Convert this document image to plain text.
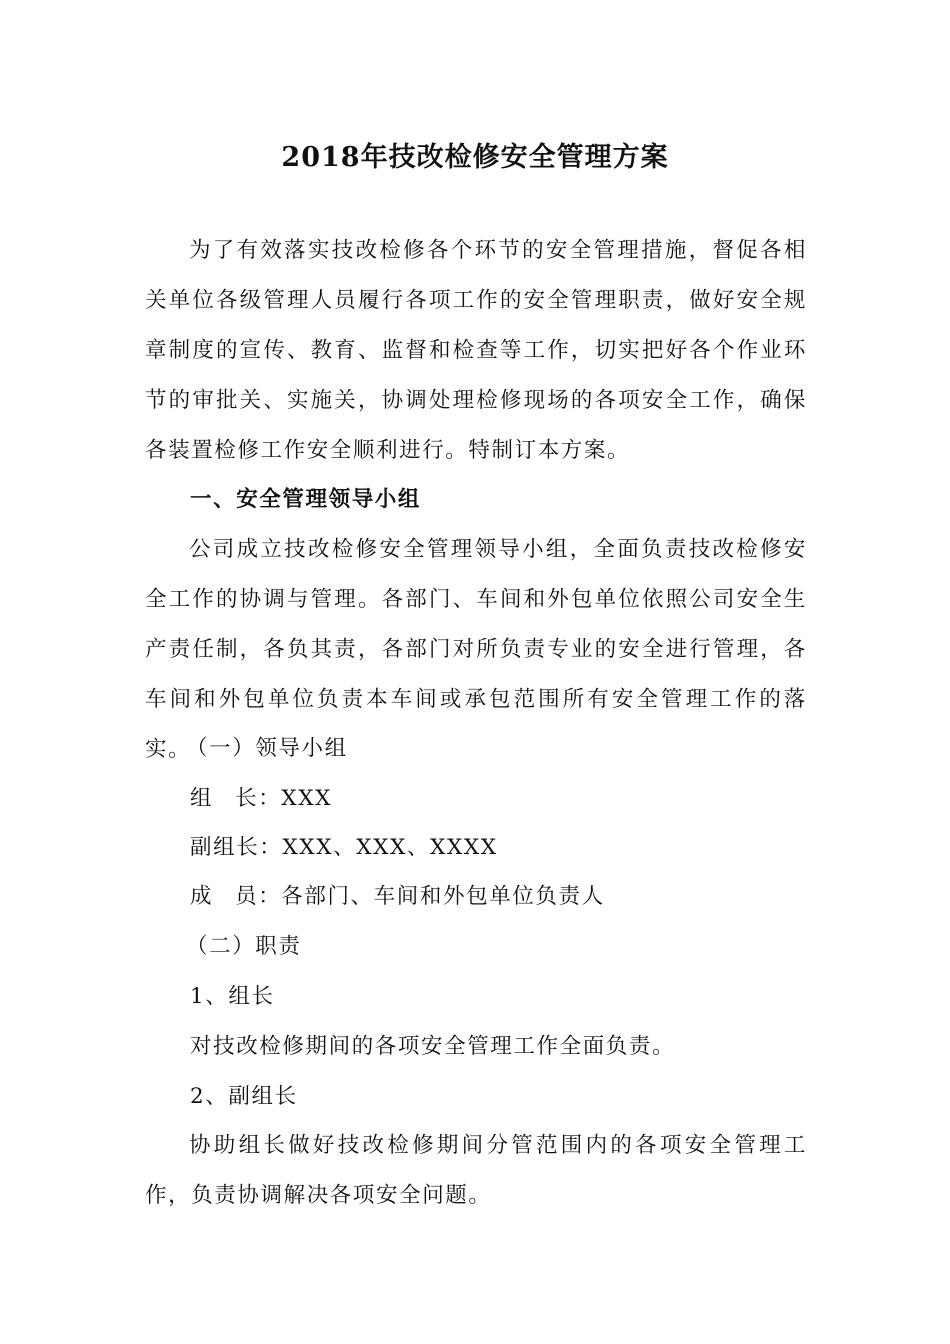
2018年技改检修安全管理方案

为了有效落实技改检修各个环节的安全管理措施，督促各相关单位各级管理人员履行各项工作的安全管理职责，做好安全规章制度的宣传、教育、监督和检查等工作，切实把好各个作业环节的审批关、实施关，协调处理检修现场的各项安全工作，确保各装置检修工作安全顺利进行。特制订本方案。

一、安全管理领导小组

公司成立技改检修安全管理领导小组，全面负责技改检修安全工作的协调与管理。各部门、车间和外包单位依照公司安全生产责任制，各负其责，各部门对所负责专业的安全进行管理，各车间和外包单位负责本车间或承包范围所有安全管理工作的落实。

（一）领导小组
组 长：XXX
副组长：XXX、XXX、XXXX
成 员：各部门、车间和外包单位负责人
（二）职责
1、组长
对技改检修期间的各项安全管理工作全面负责。
2、副组长

协助组长做好技改检修期间分管范围内的各项安全管理工作，负责协调解决各项安全问题。
